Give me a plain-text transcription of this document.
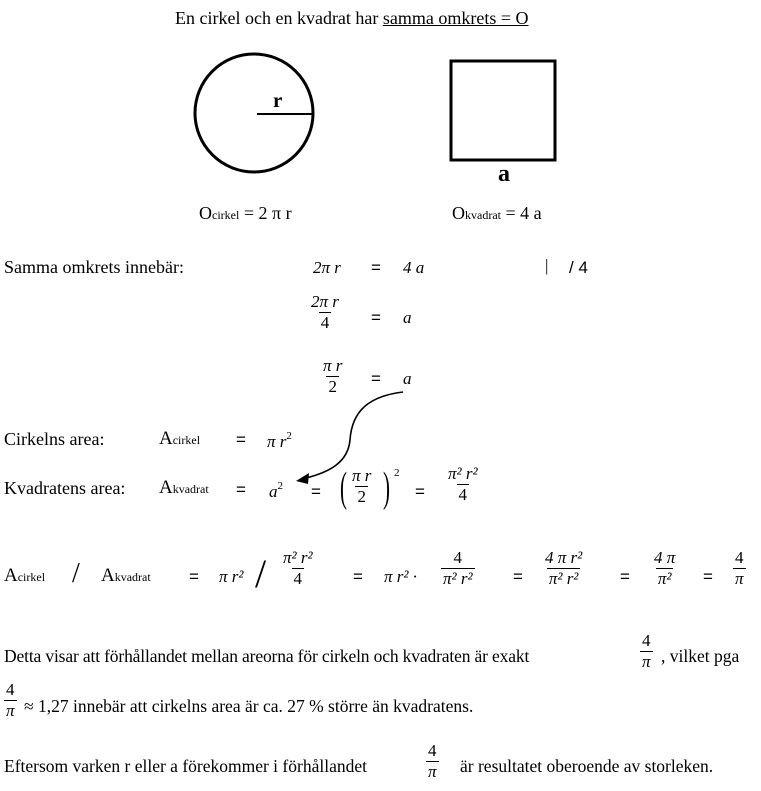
En cirkel och en kvadrat har samma omkrets = O
r
a
Ocirkel = 2 π r	Okvadrat = 4 a
Samma omkrets innebär:	2π r = 4 a	| / 4
$\frac{\text{2π r}}{4} = a$
$\frac{\text{π r}}{2} = a$
Cirkelns area:	Acirkel = π $r^2$
Kvadratens area: Akvadrat = $a^2$ = ( $\frac{\text{π r}}{2}$ ) 2
= $\frac{\text{π² r²}}{4}$
Acirkel / Akvadrat = π $r^2 / \frac{\text{π² r²}}{4} = \pi$ $r^2 \cdot \frac{4}{\text{π² r²}} = \frac{\text{4 π r²}}{\text{π² r²}} = \frac{4 \pi}{\text{π²}} = \frac{4}{\pi}$
Detta visar att förhållandet mellan areorna för cirkeln och kvadraten är exakt	$\frac{4}{\pi}$ , vilket pga
$\frac{4}{\pi} \approx 1,27$ innebär att cirkelns area är ca. 27 % större än kvadratens.
Eftersom varken r eller a förekommer i förhållandet	$\frac{4}{\pi}$ är resultatet oberoende av storleken.
